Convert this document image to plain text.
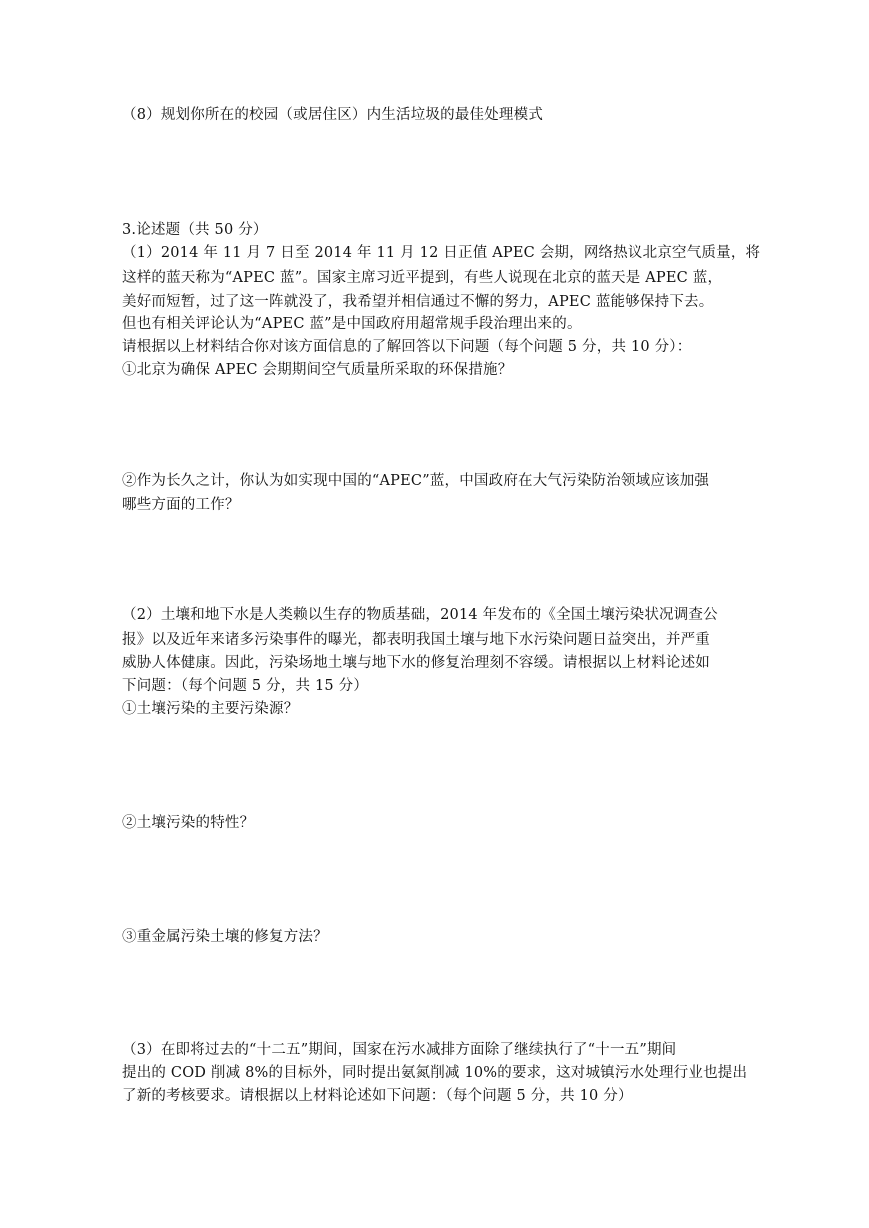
（8）规划你所在的校园（或居住区）内生活垃圾的最佳处理模式
3.论述题（共 50 分）
（1）2014 年 11 月 7 日至 2014 年 11 月 12 日正值 APEC 会期，网络热议北京空气质量，将
这样的蓝天称为“APEC 蓝”。国家主席习近平提到，有些人说现在北京的蓝天是 APEC 蓝，
美好而短暂，过了这一阵就没了，我希望并相信通过不懈的努力，APEC 蓝能够保持下去。
但也有相关评论认为“APEC 蓝”是中国政府用超常规手段治理出来的。
请根据以上材料结合你对该方面信息的了解回答以下问题（每个问题 5 分，共 10 分）：
①北京为确保 APEC 会期期间空气质量所采取的环保措施？
②作为长久之计，你认为如实现中国的“APEC”蓝，中国政府在大气污染防治领域应该加强
哪些方面的工作？
（2）土壤和地下水是人类赖以生存的物质基础，2014 年发布的《全国土壤污染状况调查公
报》以及近年来诸多污染事件的曝光，都表明我国土壤与地下水污染问题日益突出，并严重
威胁人体健康。因此，污染场地土壤与地下水的修复治理刻不容缓。请根据以上材料论述如
下问题：（每个问题 5 分，共 15 分）
①土壤污染的主要污染源？
②土壤污染的特性？
③重金属污染土壤的修复方法？
（3）在即将过去的“十二五”期间，国家在污水减排方面除了继续执行了“十一五”期间
提出的 COD 削减 8%的目标外，同时提出氨氮削减 10%的要求，这对城镇污水处理行业也提出
了新的考核要求。请根据以上材料论述如下问题：（每个问题 5 分，共 10 分）
